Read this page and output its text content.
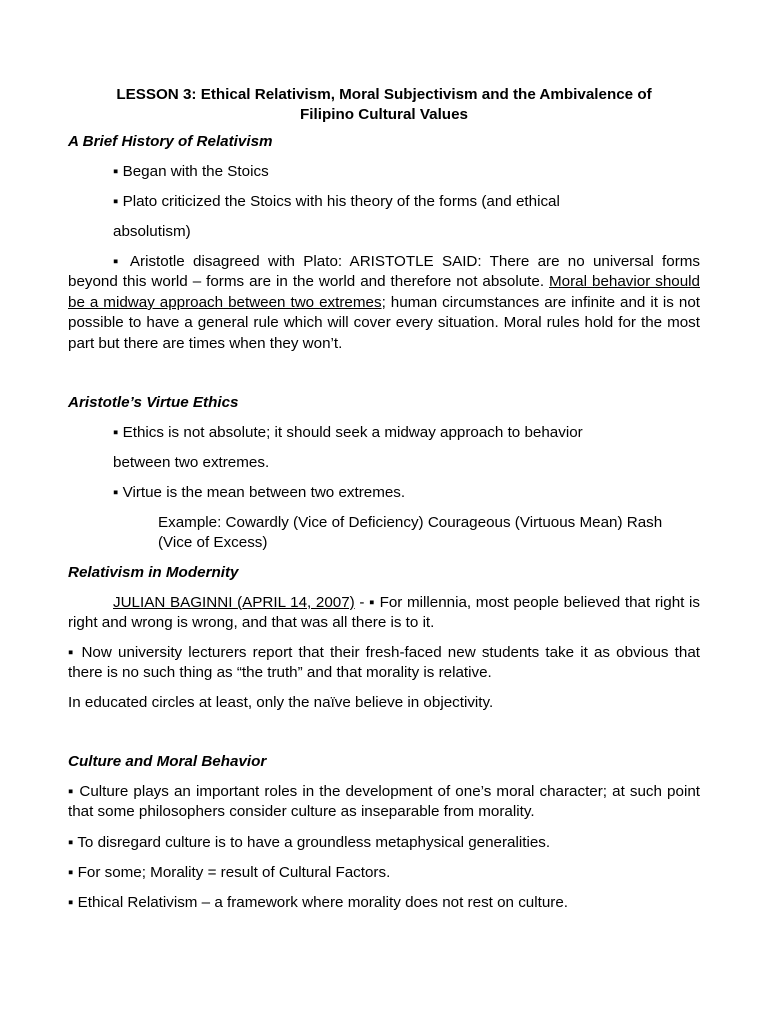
LESSON 3: Ethical Relativism, Moral Subjectivism and the Ambivalence of
Filipino Cultural Values
A Brief History of Relativism
▪ Began with the Stoics
▪ Plato criticized the Stoics with his theory of the forms (and ethical
absolutism)
▪ Aristotle disagreed with Plato: ARISTOTLE SAID: There are no universal forms beyond this world – forms are in the world and therefore not absolute. Moral behavior should be a midway approach between two extremes; human circumstances are infinite and it is not possible to have a general rule which will cover every situation. Moral rules hold for the most part but there are times when they won’t.
Aristotle’s Virtue Ethics
▪ Ethics is not absolute; it should seek a midway approach to behavior
between two extremes.
▪ Virtue is the mean between two extremes.
Example: Cowardly (Vice of Deficiency) Courageous (Virtuous Mean) Rash (Vice of Excess)
Relativism in Modernity
JULIAN BAGINNI (APRIL 14, 2007) - ▪ For millennia, most people believed that right is right and wrong is wrong, and that was all there is to it.
▪ Now university lecturers report that their fresh-faced new students take it as obvious that there is no such thing as “the truth” and that morality is relative.
In educated circles at least, only the naïve believe in objectivity.
Culture and Moral Behavior
▪ Culture plays an important roles in the development of one’s moral character; at such point that some philosophers consider culture as inseparable from morality.
▪ To disregard culture is to have a groundless metaphysical generalities.
▪ For some; Morality = result of Cultural Factors.
▪ Ethical Relativism – a framework where morality does not rest on culture.
